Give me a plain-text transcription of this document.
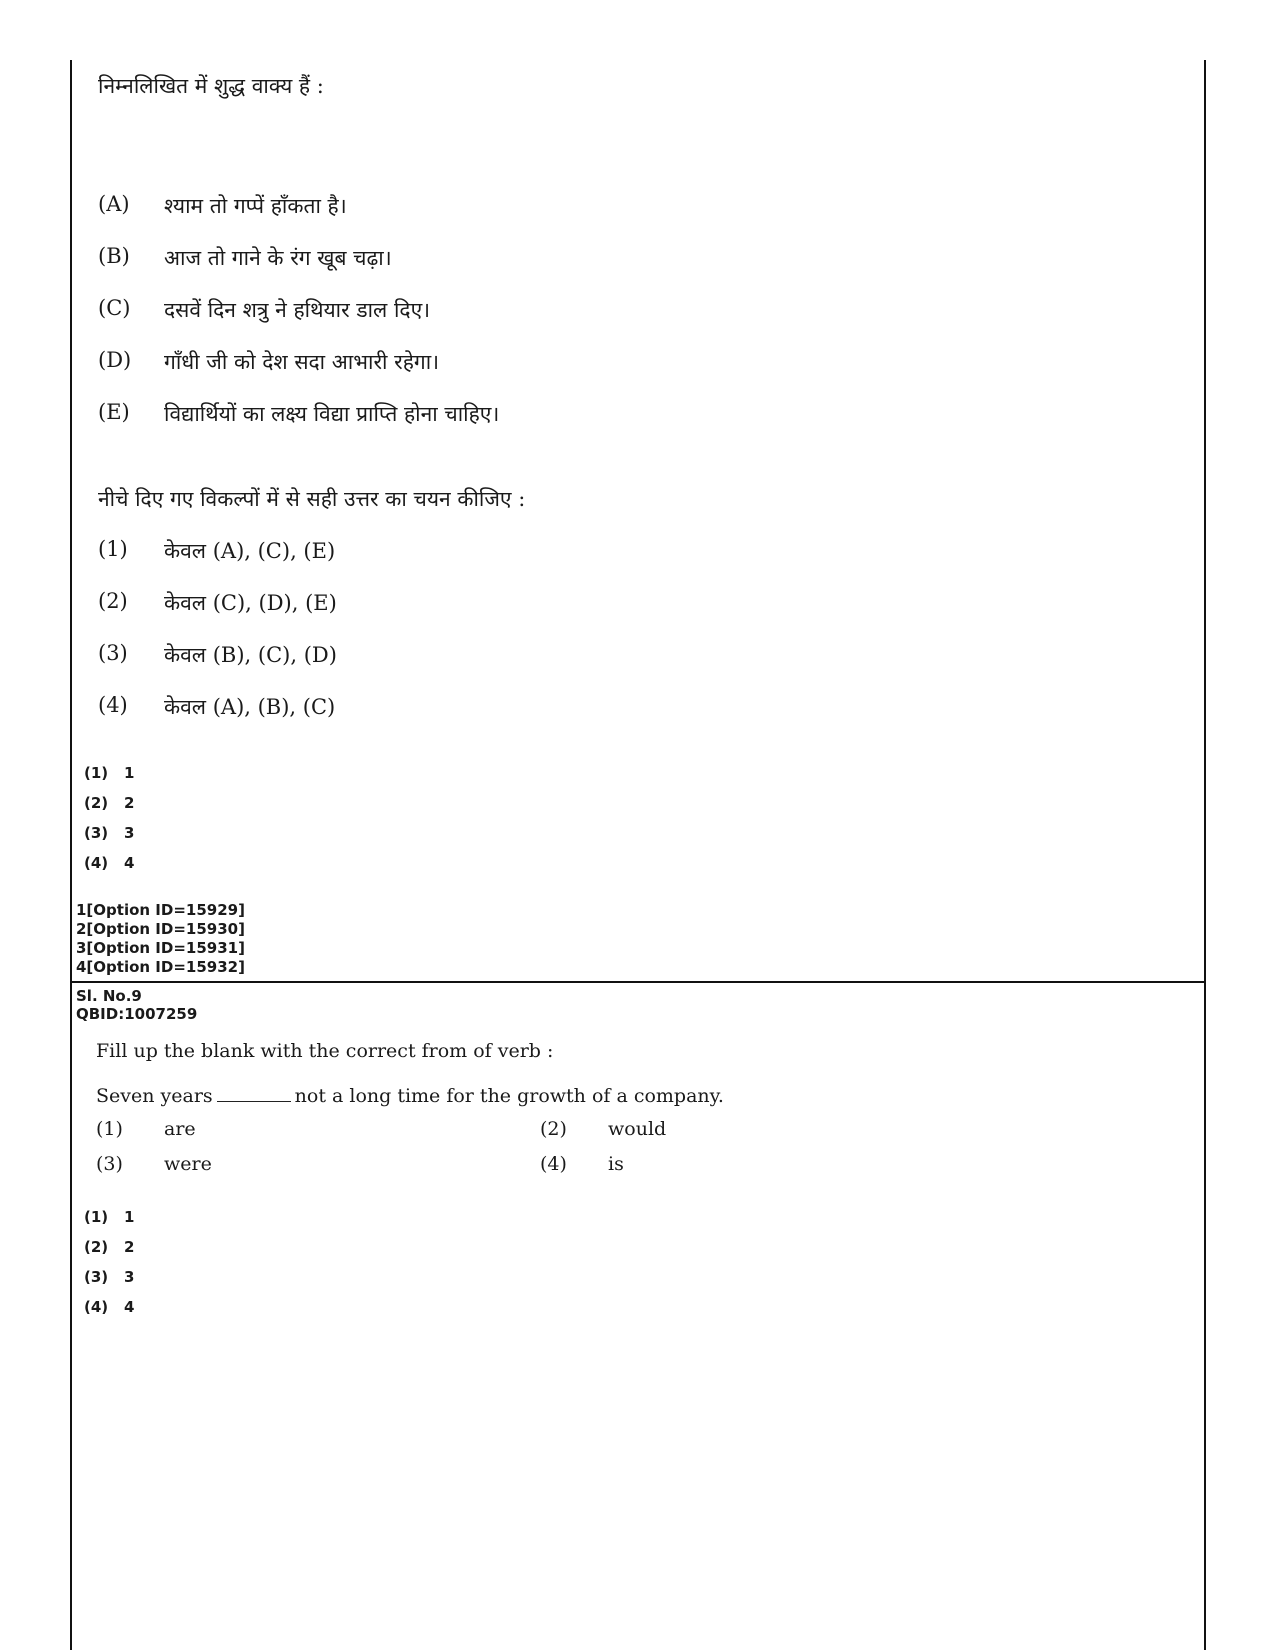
निम्नलिखित में शुद्ध वाक्य हैं :
(A)	श्याम तो गप्पें हाँकता है।
(B)	आज तो गाने के रंग खूब चढ़ा।
(C)	दसवें दिन शत्रु ने हथियार डाल दिए।
(D)	गाँधी जी को देश सदा आभारी रहेगा।
(E)	विद्यार्थियों का लक्ष्य विद्या प्राप्ति होना चाहिए।
नीचे दिए गए विकल्पों में से सही उत्तर का चयन कीजिए :
(1)	केवल (A), (C), (E)
(2)	केवल (C), (D), (E)
(3)	केवल (B), (C), (D)
(4)	केवल (A), (B), (C)
(1) 1
(2) 2
(3) 3
(4) 4
1[Option ID=15929]
2[Option ID=15930]
3[Option ID=15931]
4[Option ID=15932]
Sl. No.9
QBID:1007259
Fill up the blank with the correct from of verb :
Seven years	not a long time for the growth of a company.
(1)	are	(2)	would
(3)	were	(4)	is
(1) 1
(2) 2
(3) 3
(4) 4
